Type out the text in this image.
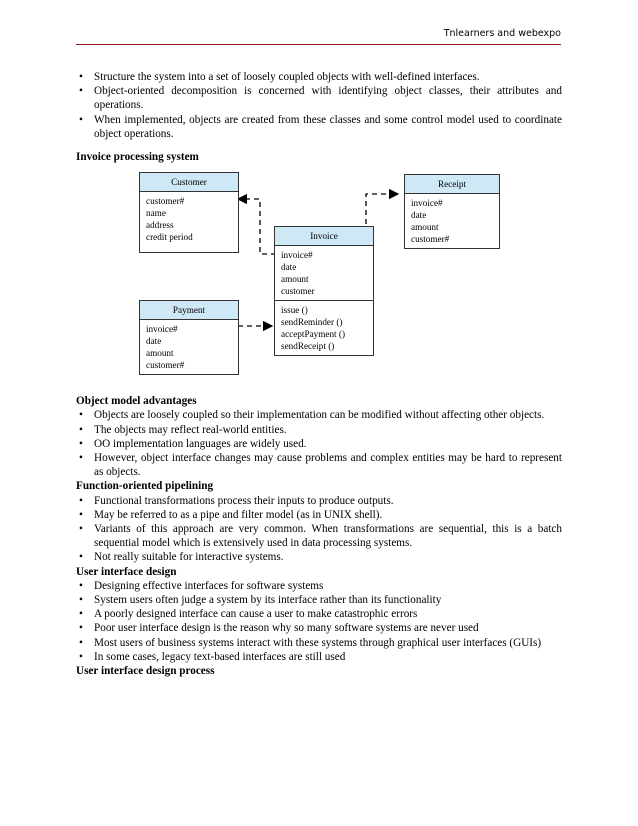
Tnlearners and webexpo
• Structure the system into a set of loosely coupled objects with well-defined interfaces.
• Object-oriented decomposition is concerned with identifying object classes, their attributes and operations.
• When implemented, objects are created from these classes and some control model used to coordinate object operations.
Invoice processing system
Customer
customer#
name
address
credit period
Payment
invoice#
date
amount
customer#
Invoice
invoice#
date
amount
customer
issue ()
sendReminder ()
acceptPayment ()
sendReceipt ()
Receipt
invoice#
date
amount
customer#
Object model advantages
• Objects are loosely coupled so their implementation can be modified without affecting other objects.
• The objects may reflect real-world entities.
• OO implementation languages are widely used.
• However, object interface changes may cause problems and complex entities may be hard to represent as objects.
Function-oriented pipelining
• Functional transformations process their inputs to produce outputs.
• May be referred to as a pipe and filter model (as in UNIX shell).
• Variants of this approach are very common. When transformations are sequential, this is a batch sequential model which is extensively used in data processing systems.
• Not really suitable for interactive systems.
User interface design
• Designing effective interfaces for software systems
• System users often judge a system by its interface rather than its functionality
• A poorly designed interface can cause a user to make catastrophic errors
• Poor user interface design is the reason why so many software systems are never used
• Most users of business systems interact with these systems through graphical user interfaces (GUIs)
• In some cases, legacy text-based interfaces are still used
User interface design process
